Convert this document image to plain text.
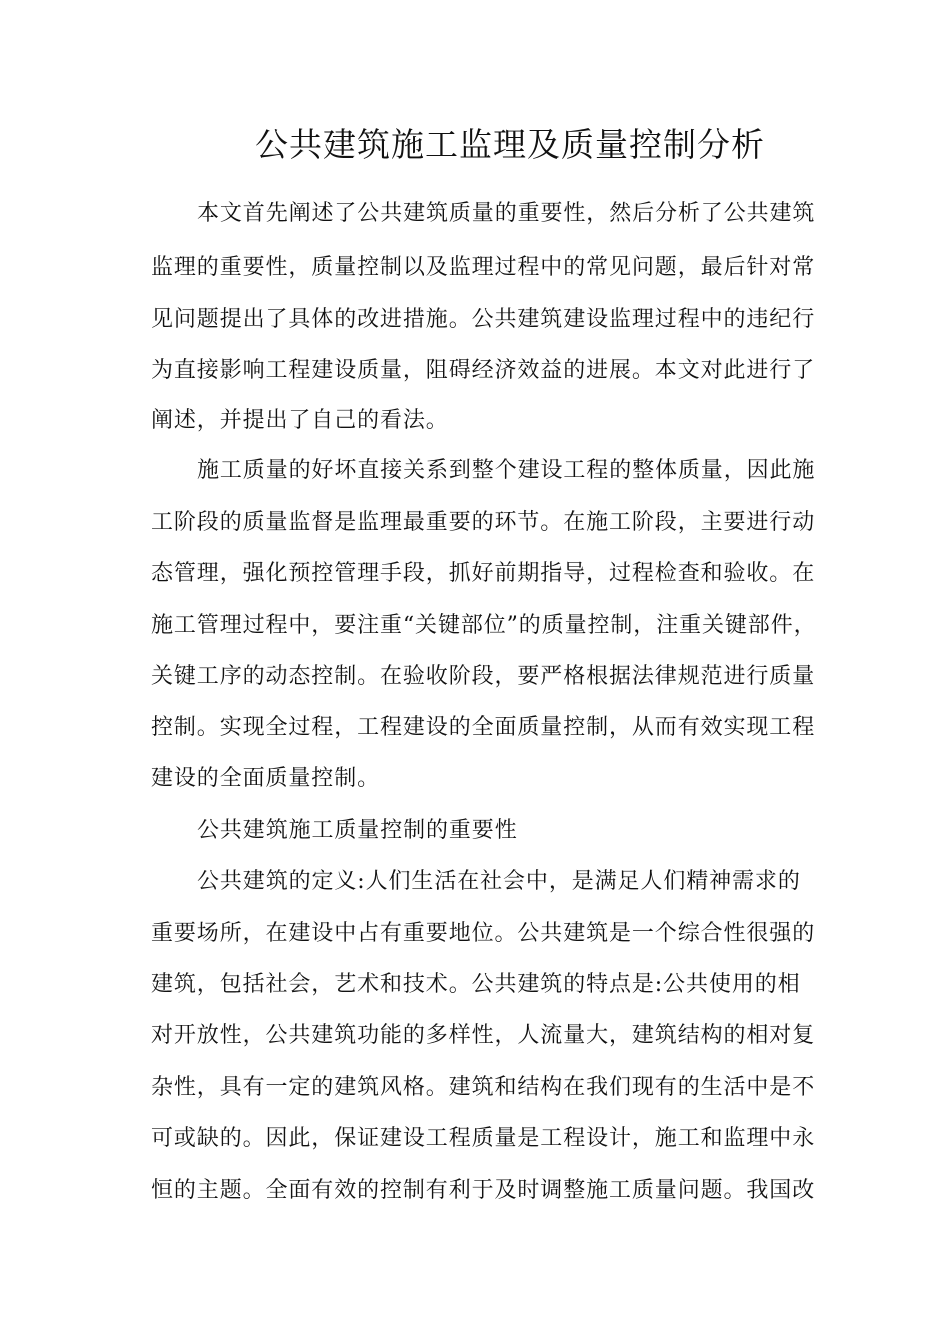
公共建筑施工监理及质量控制分析
本文首先阐述了公共建筑质量的重要性，然后分析了公共建筑
监理的重要性，质量控制以及监理过程中的常见问题，最后针对常
见问题提出了具体的改进措施。公共建筑建设监理过程中的违纪行
为直接影响工程建设质量，阻碍经济效益的进展。本文对此进行了
阐述，并提出了自己的看法。
施工质量的好坏直接关系到整个建设工程的整体质量，因此施
工阶段的质量监督是监理最重要的环节。在施工阶段，主要进行动
态管理，强化预控管理手段，抓好前期指导，过程检查和验收。在
施工管理过程中，要注重“关键部位”的质量控制，注重关键部件，
关键工序的动态控制。在验收阶段，要严格根据法律规范进行质量
控制。实现全过程，工程建设的全面质量控制，从而有效实现工程
建设的全面质量控制。
公共建筑施工质量控制的重要性
公共建筑的定义:人们生活在社会中，是满足人们精神需求的
重要场所，在建设中占有重要地位。公共建筑是一个综合性很强的
建筑，包括社会，艺术和技术。公共建筑的特点是:公共使用的相
对开放性，公共建筑功能的多样性，人流量大，建筑结构的相对复
杂性，具有一定的建筑风格。建筑和结构在我们现有的生活中是不
可或缺的。因此，保证建设工程质量是工程设计，施工和监理中永
恒的主题。全面有效的控制有利于及时调整施工质量问题。我国改
